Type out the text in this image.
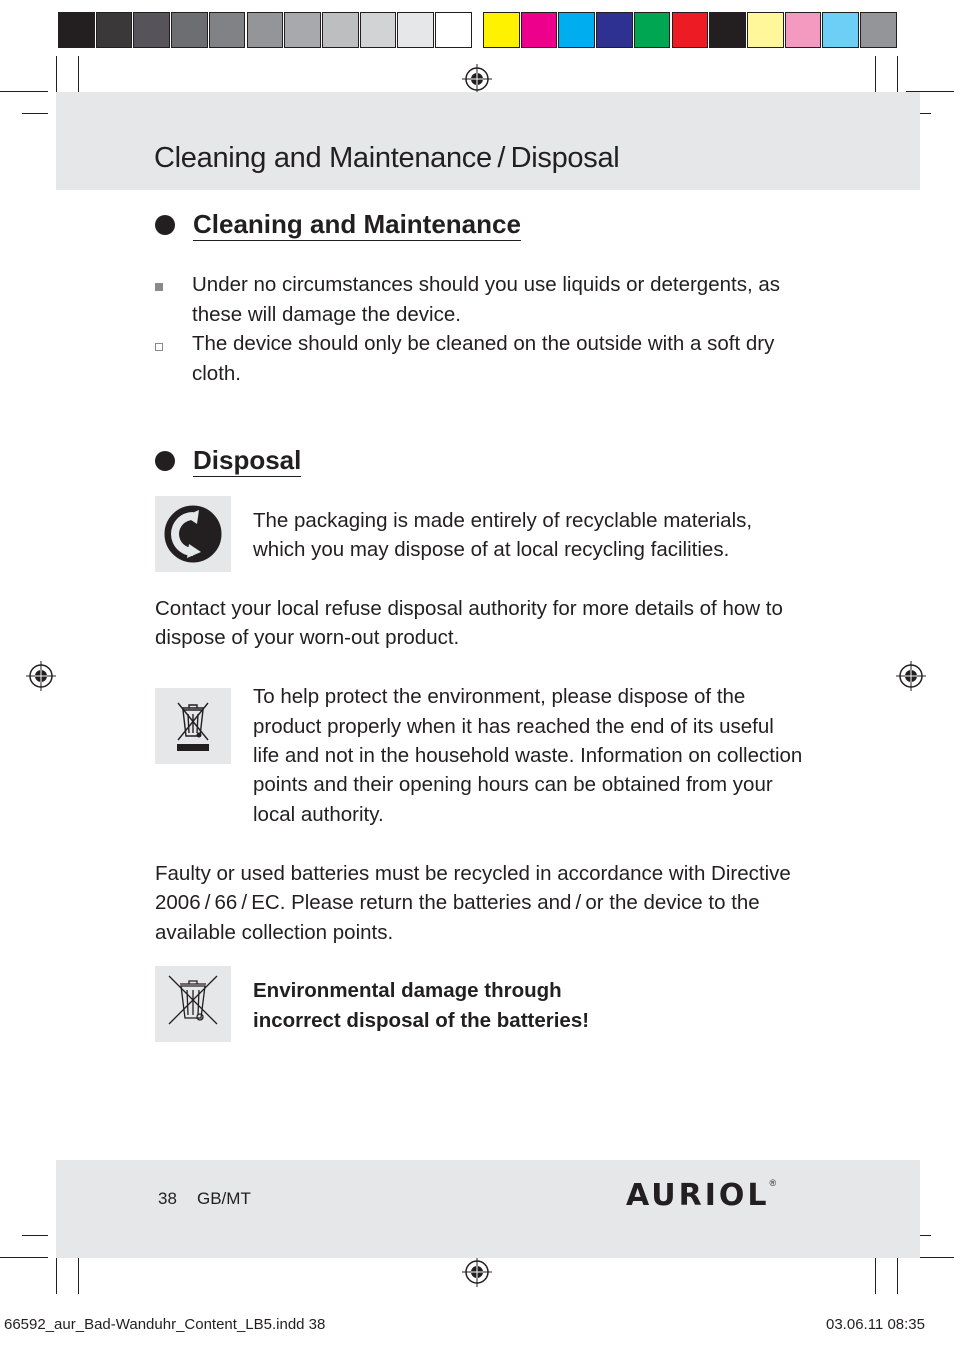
Cleaning and Maintenance / Disposal
Cleaning and Maintenance
Under no circumstances should you use liquids or detergents, as
these will damage the device.
The device should only be cleaned on the outside with a soft dry
cloth.
Disposal
The packaging is made entirely of recyclable materials,
which you may dispose of at local recycling facilities.
Contact your local refuse disposal authority for more details of how to
dispose of your worn-out product.
To help protect the environment, please dispose of the
product properly when it has reached the end of its useful
life and not in the household waste. Information on collection
points and their opening hours can be obtained from your
local authority.
Faulty or used batteries must be recycled in accordance with Directive
2006 / 66 / EC. Please return the batteries and / or the device to the
available collection points.
Environmental damage through
incorrect disposal of the batteries!
38 GB/MT	AURIOL®
66592_aur_Bad-Wanduhr_Content_LB5.indd 38	03.06.11 08:35
